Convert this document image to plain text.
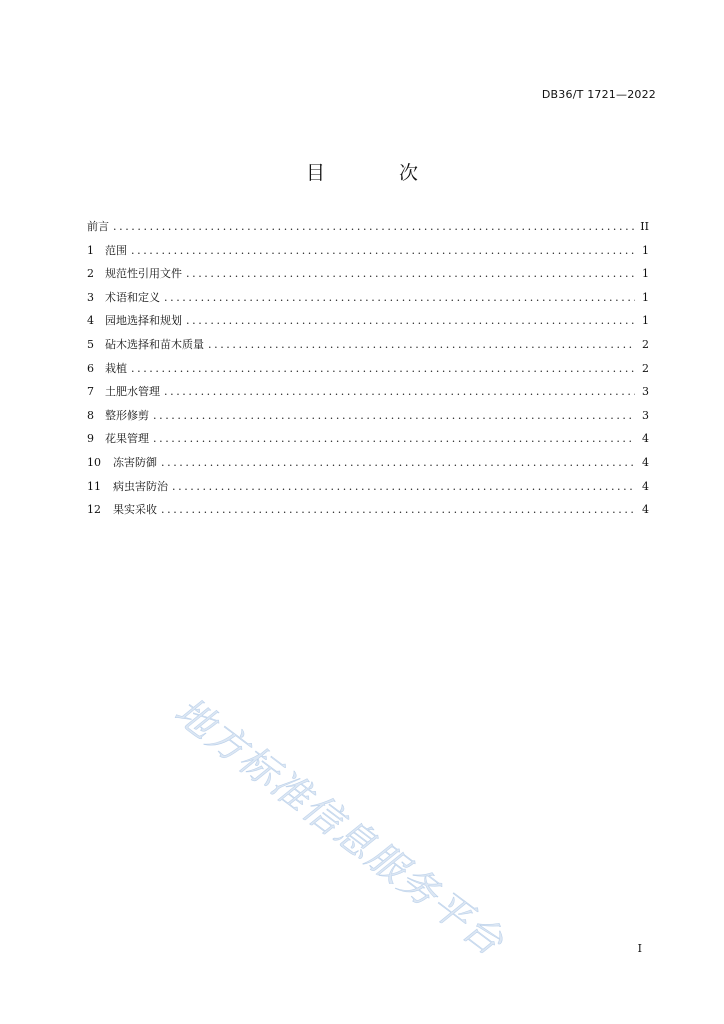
DB36/T 1721—2022
目 次
前言 .....	II
1	范围 .....	1
2	规范性引用文件 .....	1
3	术语和定义 .....	1
4	园地选择和规划 .....	1
5	砧木选择和苗木质量 .....	2
6	栽植 .....	2
7	土肥水管理 .....	3
8	整形修剪 .....	3
9	花果管理 .....	4
10	冻害防御 .....	4
11	病虫害防治 .....	4
12	果实采收 .....	4
地方标准信息服务平台	I
